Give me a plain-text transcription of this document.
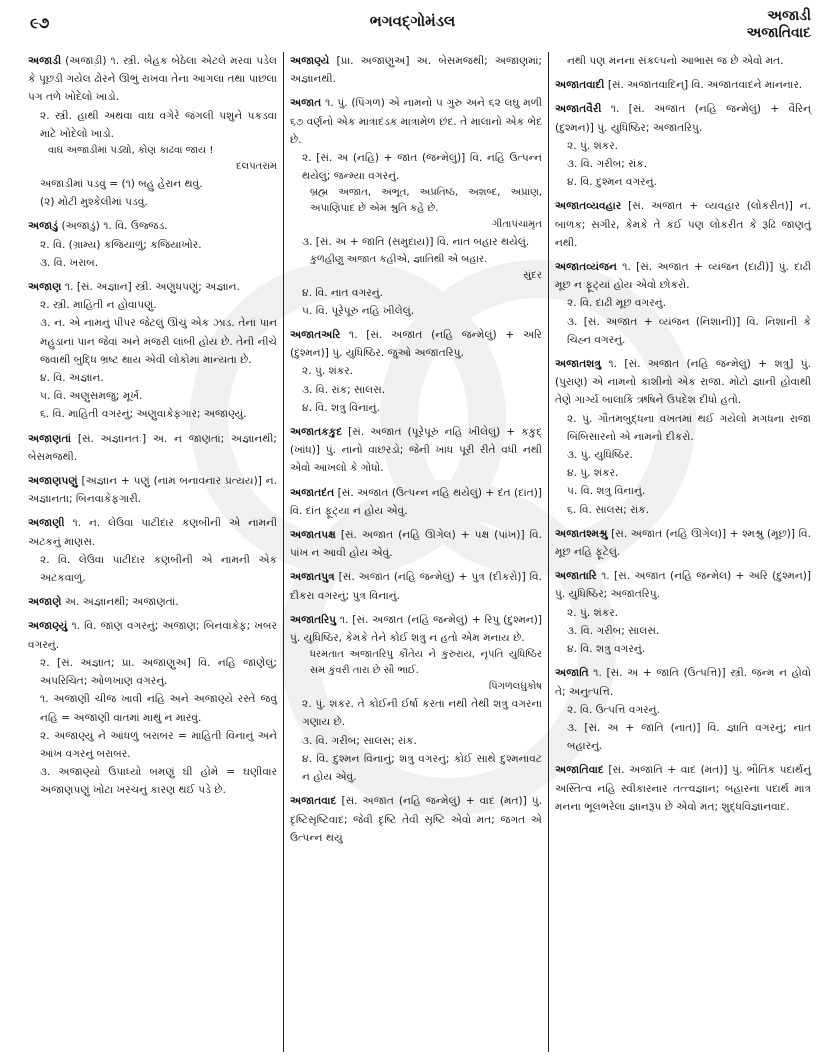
૯૭	ભગવદ્‍ગોમંડલ	અજાડી
અજાતિવાદ
અજાડી (અજાડ઼ી) ૧. સ્ત્રી. બેહક બેઠેલા એટલે મરવા પડેલ કે પૂછડી ગયેલ ઢોરને ઊભું રાખવા તેના આગલા તથા પાછલા પગ તળે ખોદેલો ખાડો.
૨. સ્ત્રી. હાથી અથવા વાઘ વગેરે જંગલી પશુને પકડવા માટે ખોદેલો ખાડો.
વાઘ અજાડીમાં પડ્યો, કોણ કાઢવા જાય !
દલપતરામ
અજાડીમાં પડવું = (૧) બહુ હેરાન થવું.
(૨) મોટી મુશ્કેલીમાં પડવું.
અજાડું (અજાડું) ૧. વિ. ઉજ્જડ.
૨. વિ. (ગ્રામ્ય) કજિયાળું; કજિયાખોર.
૩. વિ. ખરાબ.
અજાણ ૧. [સં. અજ્ઞાન] સ્ત્રી. અણુધપણું; અજ્ઞાન.
૨. સ્ત્રી. માહિતી ન હોવાપણું.
૩. ન. એ નામનું પીપર જેટલું ઊંચું એક ઝાડ. તેનાં પાન મહુડાનાં પાન જેવાં અને મંજરી લાંબી હોય છે. તેની નીચે જવાથી બુદ્ધિ ભ્રષ્ટ થાય એવી લોકોમાં માન્યતા છે.
૪. વિ. અજ્ઞાન.
૫. વિ. અણુસમજુ; મૂર્ખ.
૬. વિ. માહિતી વગરનું; અણુવાકેફગાર; અજાણ્યું.
અજાણતાં [સં. અજ્ઞાનતઃ] અ. ન જાણતાં; અજ્ઞાનથી; બેસમજથી.
અજાણપણું [અજ્ઞાન + પણું (નામ બનાવનાર પ્રત્યય)] ન. અજ્ઞાનતા; બિનવાકેફગારી.
અજાણી ૧. ન. લેઉવા પાટીદાર કણબીની એ નામની અટકનું માણસ.
૨. વિ. લેઉવા પાટીદાર કણબીની એ નામની એક અટકવાળું.
અજાણે અ. અજ્ઞાનથી; અજાણતાં.
અજાણ્યું ૧. વિ. જાણ વગરનું; અજાણ; બિનવાકેફ; ખબર વગરનું.
૨. [સં. અજ્ઞાત; પ્રા. અજાણુઅ] વિ. નહિ જાણેલું; અપરિચિત; ઓળખાણ વગરનું.
૧. અજાણી ચીજ ખાવી નહિ અને અજાણ્યે રસ્તે જવું નહિ = અજાણી વાતમાં માથું ન મારવું.
૨. અજાણ્યું ને આંધળું બરાબર = માહિતી વિનાનું અને આંખ વગરનું બરાબર.
૩. અજાણ્યો ઉપાધ્યો બમણું ઘી હોમે = ઘણીવાર અજાણપણું ખોટા ખરચનું કારણ થઈ પડે છે.
અજાણ્યે [પ્રા. અજાણુઅ] અ. બેસમજથી; અજાણમાં; અજ્ઞાનથી.
અજાત ૧. પું. (પિંગળ) એ નામનો ૫ ગુરુ અને ૬૨ લઘુ મળી ૬૭ વર્ણનો એક માત્રાદંડક માત્રામેળ છંદ. તે માલાનો એક ભેદ છે.
૨. [સં. અ (નહિ) + જાત (જન્મેલું)] વિ. નહિ ઉત્પન્ન થયેલું; જન્મ્યા વગરનું.
બ્રહ્મ અજાત, અભૂત, અપ્રતિષ્ઠ, અશબ્દ, અપ્રાણ, અપાણિપાદ છે એમ શ્રુતિ કહે છે.
ગીતાપંચામૃત
૩. [સં. અ + જાતિ (સમુદાય)] વિ. નાત બહાર થયેલું.
કુળહીણુ અજાત કહીએ, જ્ઞાતિથી એ બહાર.
સુંદર
૪. વિ. નાત વગરનું.
૫. વિ. પૂરેપૂરું નહિ ખીલેલું.
અજાતઅરિ ૧. [સં. અજાત (નહિ જન્મેલું) + અરિ (દુશ્મન)] પું. યુધિષ્ઠિર. જુઓ અજાતરિપુ.
૨. પું. શંકર.
૩. વિ. રાંક; સાલસ.
૪. વિ. શત્રુ વિનાનું.
અજાતકકુદ [સં. અજાત (પૂરેપૂરું નહિ ખીલેલું) + કકુદ્ (ખાંધ)] પું. નાનો વાછરડો; જેની ખાંધ પૂરી રીતે વધી નથી એવો આખલો કે ગોધો.
અજાતદંત [સં. અજાત (ઉત્પન્ન નહિ થયેલું) + દંત (દાંત)] વિ. દાંત ફૂટ્યા ન હોય એવું.
અજાતપક્ષ [સં. અજાત (નહિ ઊગેલ) + પક્ષ (પાંખ)] વિ. પાંખ ન આવી હોય એવું.
અજાતપુત્ર [સં. અજાત (નહિ જન્મેલું) + પુત્ર (દીકરો)] વિ. દીકરા વગરનું; પુત્ર વિનાનું.
અજાતરિપુ ૧. [સં. અજાત (નહિ જન્મેલું) + રિપુ (દુશ્મન)] પું. યુધિષ્ઠિર, કેમકે તેને કોઈ શત્રુ ન હતો એમ મનાય છે.
ધરમતાત અજાતરિપુ કૌંતેય ને કુરુરાય, નૃપતિ યુધિષ્ઠિર સમ કુંવરી તારા છે સૌ ભાઈ.
પિંગળલઘુકોષ
૨. પું. શંકર. તે કોઈની ઈર્ષા કરતા નથી તેથી શત્રુ વગરના ગણાય છે.
૩. વિ. ગરીબ; સાલસ; રાંક.
૪. વિ. દુશ્મન વિનાનું; શત્રુ વગરનું; કોઈ સાથે દુશ્મનાવટ ન હોય એવું.
અજાતવાદ [સં. અજાત (નહિ જન્મેલું) + વાદ (મત)] પું. દૃષ્ટિસૃષ્ટિવાદ; જેવી દૃષ્ટિ તેવી સૃષ્ટિ એવો મત; જગત એ ઉત્પન્ન થયું
નથી પણ મનના સંકલ્પનો આભાસ જ છે એવો મત.
અજાતવાદી [સં. અજાતવાદિન્] વિ. અજાતવાદને માનનાર.
અજાતવૈરી ૧. [સં. અજાત (નહિ જન્મેલું) + વૈરિન્ (દુશ્મન)] પું. યુધિષ્ઠિર; અજાતરિપુ.
૨. પું. શંકર.
૩. વિ. ગરીબ; રાંક.
૪. વિ. દુશ્મન વગરનું.
અજાતવ્યવહાર [સં. અજાત + વ્યવહાર (લોકરીત)] ન. બાળક; સગીર, કેમકે તે કંઈ પણ લોકરીત કે રૂઢિ જાણતું નથી.
અજાતવ્યંજન ૧. [સં. અજાત + વ્યંજન (દાઢી)] પું. દાઢી મૂછ ન ફૂટ્યાં હોય એવો છોકરો.
૨. વિ. દાઢી મૂછ વગરનું.
૩. [સં. અજાત + વ્યંજન (નિશાની)] વિ. નિશાની કે ચિહ્ન વગરનું.
અજાતશત્રુ ૧. [સં. અજાત (નહિ જન્મેલું) + શત્રુ] પું. (પુરાણ) એ નામનો કાશીનો એક રાજા. મોટો જ્ઞાની હોવાથી તેણે ગાર્ગ્ય બાલાકિ ઋષિને ઉપદેશ દીધો હતો.
૨. પું. ગૌતમબુદ્ધના વખતમાં થઈ ગયેલો મગધના રાજા બિંબિસારનો એ નામનો દીકરો.
૩. પું. યુધિષ્ઠિર.
૪. પું. શંકર.
૫. વિ. શત્રુ વિનાનું.
૬. વિ. સાલસ; રાંક.
અજાતશ્મશ્રુ [સં. અજાત (નહિ ઊગેલ)] + શ્મશ્રુ (મૂછ)] વિ. મૂછ નહિ ફૂટેલું.
અજાતારિ ૧. [સં. અજાત (નહિ જન્મેલ) + અરિ (દુશ્મન)] પું. યુધિષ્ઠિર; અજાતરિપુ.
૨. પું. શંકર.
૩. વિ. ગરીબ; સાલસ.
૪. વિ. શત્રુ વગરનું.
અજાતિ ૧. [સં. અ + જાતિ (ઉત્પત્તિ)] સ્ત્રી. જન્મ ન હોવો તે; અનુત્પત્તિ.
૨. વિ. ઉત્પત્તિ વગરનું.
૩. [સં. અ + જાતિ (નાત)] વિ. જ્ઞાતિ વગરનું; નાત બહારનું.
અજાતિવાદ [સં. અજાતિ + વાદ (મત)] પું. ભૌતિક પદાર્થનું અસ્તિત્વ નહિ સ્વીકારનાર તત્ત્વજ્ઞાન; બહારના પદાર્થ માત્ર મનના ભૂલભરેલા જ્ઞાનરૂપ છે એવો મત; શુદ્ધવિજ્ઞાનવાદ.
